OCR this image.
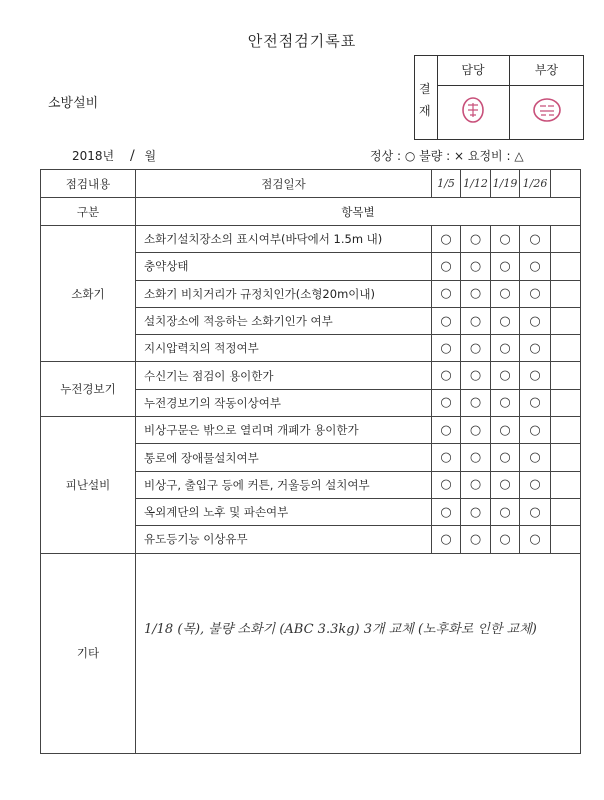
안전점검기록표
소방설비
결
재
담당	부장
2018년 / 월	정상 : ○ 불량 : × 요정비 : △
점검내용	점검일자	1/5	1/12	1/19	1/26	
구분	항목별					
소화기	소화기설치장소의 표시여부(바닥에서 1.5m 내)	○	○	○	○	
	충약상태	○	○	○	○	
	소화기 비치거리가 규정치인가(소형20m이내)	○	○	○	○	
	설치장소에 적응하는 소화기인가 여부	○	○	○	○	
	지시압력치의 적정여부	○	○	○	○	
누전경보기	수신기는 점검이 용이한가	○	○	○	○	
	누전경보기의 작동이상여부	○	○	○	○	
피난설비	비상구문은 밖으로 열리며 개폐가 용이한가	○	○	○	○	
	통로에 장애물설치여부	○	○	○	○	
	비상구, 출입구 등에 커튼, 거울등의 설치여부	○	○	○	○	
	옥외계단의 노후 및 파손여부	○	○	○	○	
	유도등기능 이상유무	○	○	○	○	
기타	1/18 (목), 불량 소화기 (ABC 3.3kg) 3개 교체 (노후화로 인한 교체)					
